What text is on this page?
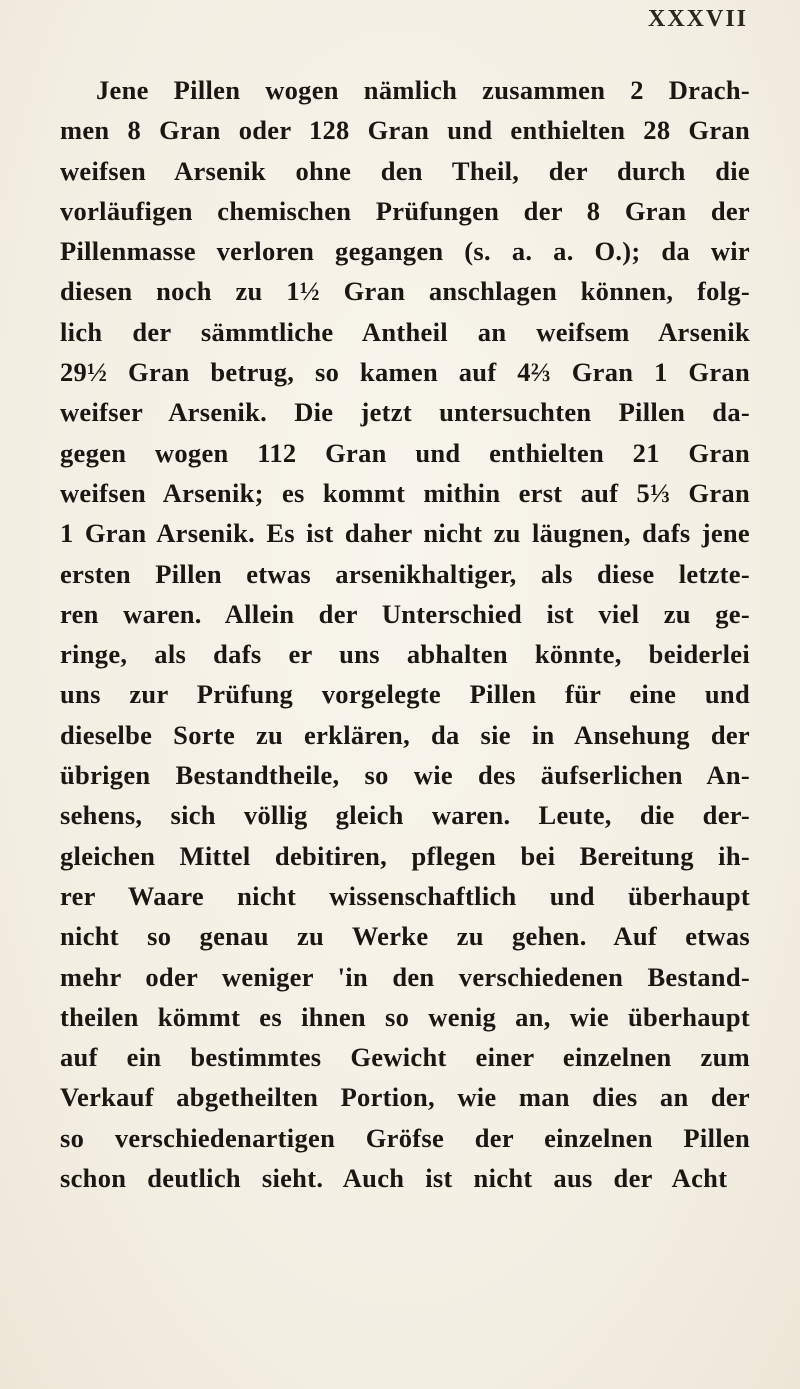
XXXVII
Jene Pillen wogen nämlich zusammen 2 Drach-
men 8 Gran oder 128 Gran und enthielten 28 Gran
weifsen Arsenik ohne den Theil, der durch die
vorläufigen chemischen Prüfungen der 8 Gran der
Pillenmasse verloren gegangen (s. a. a. O.); da wir
diesen noch zu 1½ Gran anschlagen können, folg-
lich der sämmtliche Antheil an weifsem Arsenik
29½ Gran betrug, so kamen auf 4⅔ Gran 1 Gran
weifser Arsenik. Die jetzt untersuchten Pillen da-
gegen wogen 112 Gran und enthielten 21 Gran
weifsen Arsenik; es kommt mithin erst auf 5⅓ Gran
1 Gran Arsenik. Es ist daher nicht zu läugnen, dafs jene
ersten Pillen etwas arsenikhaltiger, als diese letzte-
ren waren. Allein der Unterschied ist viel zu ge-
ringe, als dafs er uns abhalten könnte, beiderlei
uns zur Prüfung vorgelegte Pillen für eine und
dieselbe Sorte zu erklären, da sie in Ansehung der
übrigen Bestandtheile, so wie des äufserlichen An-
sehens, sich völlig gleich waren. Leute, die der-
gleichen Mittel debitiren, pflegen bei Bereitung ih-
rer Waare nicht wissenschaftlich und überhaupt
nicht so genau zu Werke zu gehen. Auf etwas
mehr oder weniger 'in den verschiedenen Bestand-
theilen kömmt es ihnen so wenig an, wie überhaupt
auf ein bestimmtes Gewicht einer einzelnen zum
Verkauf abgetheilten Portion, wie man dies an der
so verschiedenartigen Gröfse der einzelnen Pillen
schon deutlich sieht. Auch ist nicht aus der Acht
